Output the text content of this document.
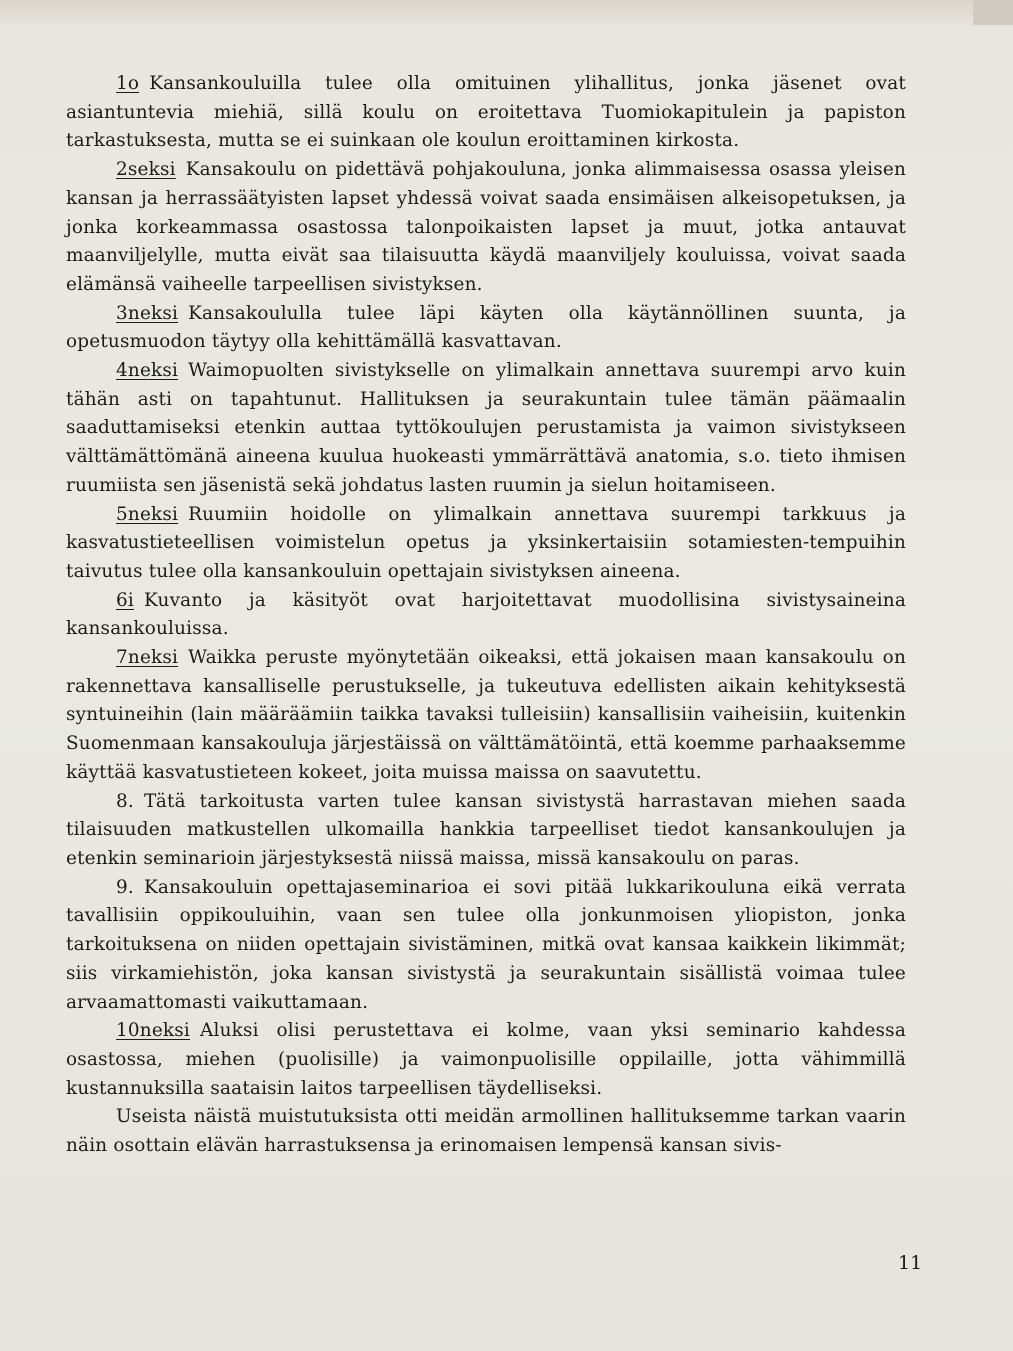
1o Kansankouluilla tulee olla omituinen ylihallitus, jonka jäsenet ovat asiantuntevia miehiä, sillä koulu on eroitettava Tuomiokapitulein ja papiston tarkastuksesta, mutta se ei suinkaan ole koulun eroittaminen kirkosta.

2seksi Kansakoulu on pidettävä pohjakouluna, jonka alimmaisessa osassa yleisen kansan ja herrassäätyisten lapset yhdessä voivat saada ensimäisen alkeisopetuksen, ja jonka korkeammassa osastossa talonpoikaisten lapset ja muut, jotka antauvat maanviljelylle, mutta eivät saa tilaisuutta käydä maanviljely kouluissa, voivat saada elämänsä vaiheelle tarpeellisen sivistyksen.

3neksi Kansakoululla tulee läpi käyten olla käytännöllinen suunta, ja opetusmuodon täytyy olla kehittämällä kasvattavan.

4neksi Waimopuolten sivistykselle on ylimalkain annettava suurempi arvo kuin tähän asti on tapahtunut. Hallituksen ja seurakuntain tulee tämän päämaalin saaduttamiseksi etenkin auttaa tyttökoulujen perustamista ja vaimon sivistykseen välttämättömänä aineena kuulua huokeasti ymmärrättävä anatomia, s.o. tieto ihmisen ruumiista sen jäsenistä sekä johdatus lasten ruumin ja sielun hoitamiseen.

5neksi Ruumiin hoidolle on ylimalkain annettava suurempi tarkkuus ja kasvatustieteellisen voimistelun opetus ja yksinkertaisiin sotamiesten-tempuihin taivutus tulee olla kansankouluin opettajain sivistyksen aineena.

6i Kuvanto ja käsityöt ovat harjoitettavat muodollisina sivistysaineina kansankouluissa.

7neksi Waikka peruste myönytetään oikeaksi, että jokaisen maan kansakoulu on rakennettava kansalliselle perustukselle, ja tukeutuva edellisten aikain kehityksestä syntuineihin (lain määräämiin taikka tavaksi tulleisiin) kansallisiin vaiheisiin, kuitenkin Suomenmaan kansakouluja järjestäissä on välttämätöintä, että koemme parhaaksemme käyttää kasvatustieteen kokeet, joita muissa maissa on saavutettu.

8. Tätä tarkoitusta varten tulee kansan sivistystä harrastavan miehen saada tilaisuuden matkustellen ulkomailla hankkia tarpeelliset tiedot kansankoulujen ja etenkin seminarioin järjestyksestä niissä maissa, missä kansakoulu on paras.

9. Kansakouluin opettajaseminarioa ei sovi pitää lukkarikouluna eikä verrata tavallisiin oppikouluihin, vaan sen tulee olla jonkunmoisen yliopiston, jonka tarkoituksena on niiden opettajain sivistäminen, mitkä ovat kansaa kaikkein likimmät; siis virkamiehistön, joka kansan sivistystä ja seurakuntain sisällistä voimaa tulee arvaamattomasti vaikuttamaan.

10neksi Aluksi olisi perustettava ei kolme, vaan yksi seminario kahdessa osastossa, miehen (puolisille) ja vaimonpuolisille oppilaille, jotta vähimmillä kustannuksilla saataisin laitos tarpeellisen täydelliseksi.

Useista näistä muistutuksista otti meidän armollinen hallituksemme tarkan vaarin näin osottain elävän harrastuksensa ja erinomaisen lempensä kansan sivis-

11
